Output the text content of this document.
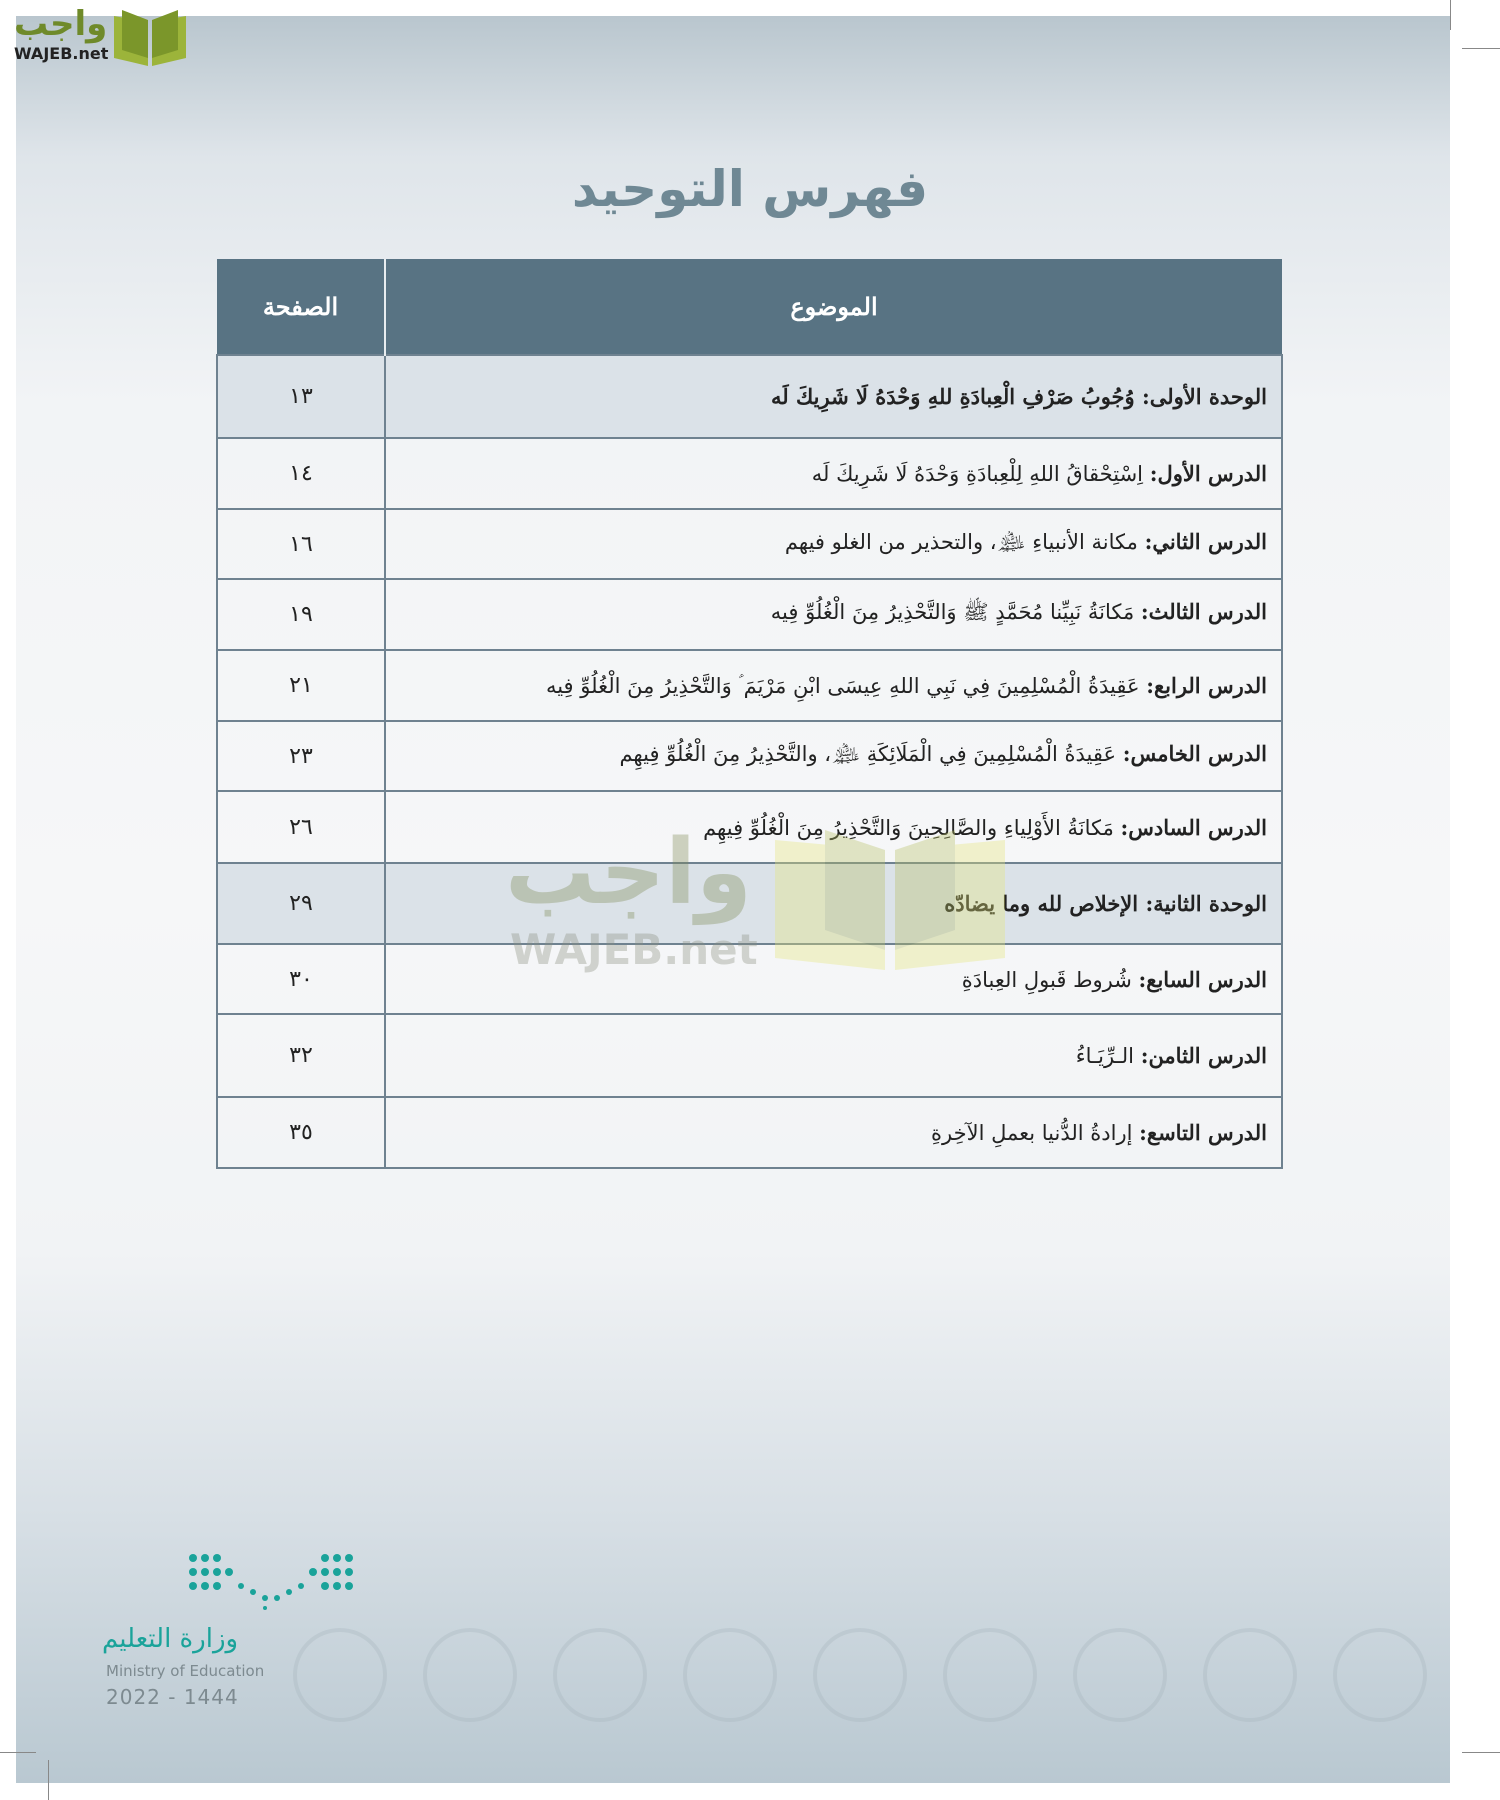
واجب
WAJEB.net
فهرس التوحيد
الموضوع	الصفحة
الوحدة الأولى: وُجُوبُ صَرْفِ الْعِبادَةِ للهِ وَحْدَهُ لَا شَرِيكَ لَه	١٣
الدرس الأول: اِسْتِحْقاقُ اللهِ لِلْعِبادَةِ وَحْدَهُ لَا شَرِيكَ لَه	١٤
الدرس الثاني: مكانة الأنبياءِ ﵈، والتحذير من الغلو فيهم	١٦
الدرس الثالث: مَكانَةُ نَبِيِّنا مُحَمَّدٍ ﷺ وَالتَّحْذِيرُ مِنَ الْغُلُوِّ فِيه	١٩
الدرس الرابع: عَقِيدَةُ الْمُسْلِمِينَ فِي نَبِي اللهِ عِيسَى ابْنِ مَرْيَمَ ؑ وَالتَّحْذِيرُ مِنَ الْغُلُوِّ فِيه	٢١
الدرس الخامس: عَقِيدَةُ الْمُسْلِمِينَ فِي الْمَلَائِكَةِ ﵈، والتَّحْذِيرُ مِنَ الْغُلُوِّ فِيهِم	٢٣
الدرس السادس: مَكانَةُ الأَوْلِياءِ والصَّالِحِينَ وَالتَّحْذِيرُ مِنَ الْغُلُوِّ فِيهِم	٢٦
الوحدة الثانية: الإخلاص لله وما يضادّه	٢٩
الدرس السابع: شُروط قَبولِ العِبادَةِ	٣٠
الدرس الثامن: الـرِّيَـاءُ	٣٢
الدرس التاسع: إرادةُ الدُّنيا بعملِ الآخِرةِ	٣٥
واجب
WAJEB.net
وزارة التعليم
Ministry of Education
2022 - 1444
